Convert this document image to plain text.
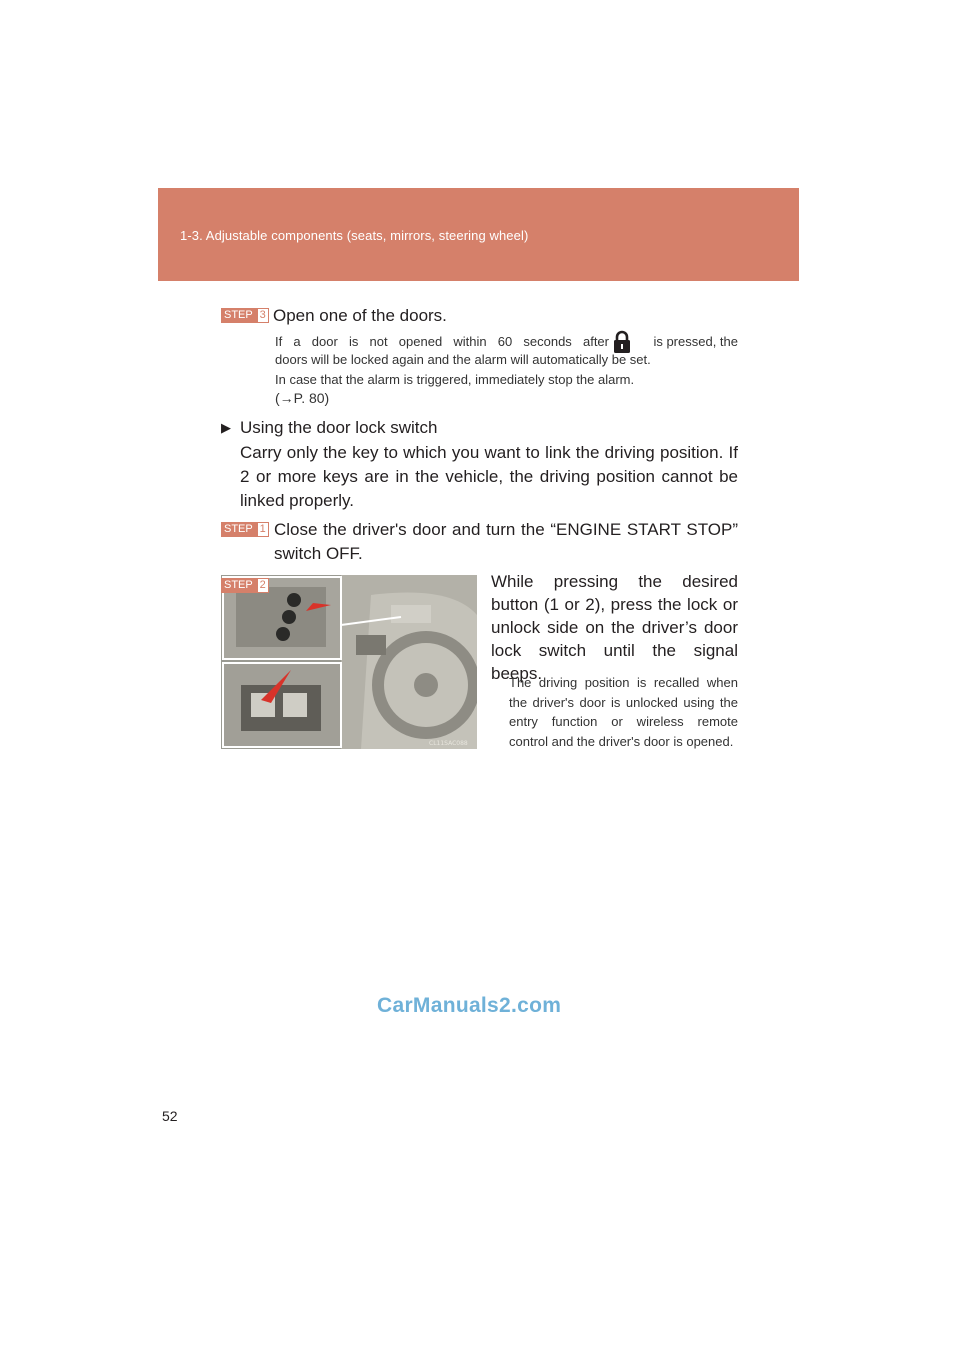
1-3. Adjustable components (seats, mirrors, steering wheel)
STEP 3 Open one of the doors.
If a door is not opened within 60 seconds after	is pressed, the
doors will be locked again and the alarm will automatically be set.
In case that the alarm is triggered, immediately stop the alarm.
(→P. 80)
▶ Using the door lock switch
Carry only the key to which you want to link the driving position. If 2 or more keys are in the vehicle, the driving position cannot be linked properly.
STEP 1 Close the driver's door and turn the “ENGINE START STOP” switch OFF.
CL11SAC088
STEP 2	While pressing the desired button (1 or 2), press the lock or unlock side on the driver’s door lock switch until the signal beeps.
The driving position is recalled when the driver's door is unlocked using the entry function or wireless remote control and the driver's door is opened.
CarManuals2.com
52
